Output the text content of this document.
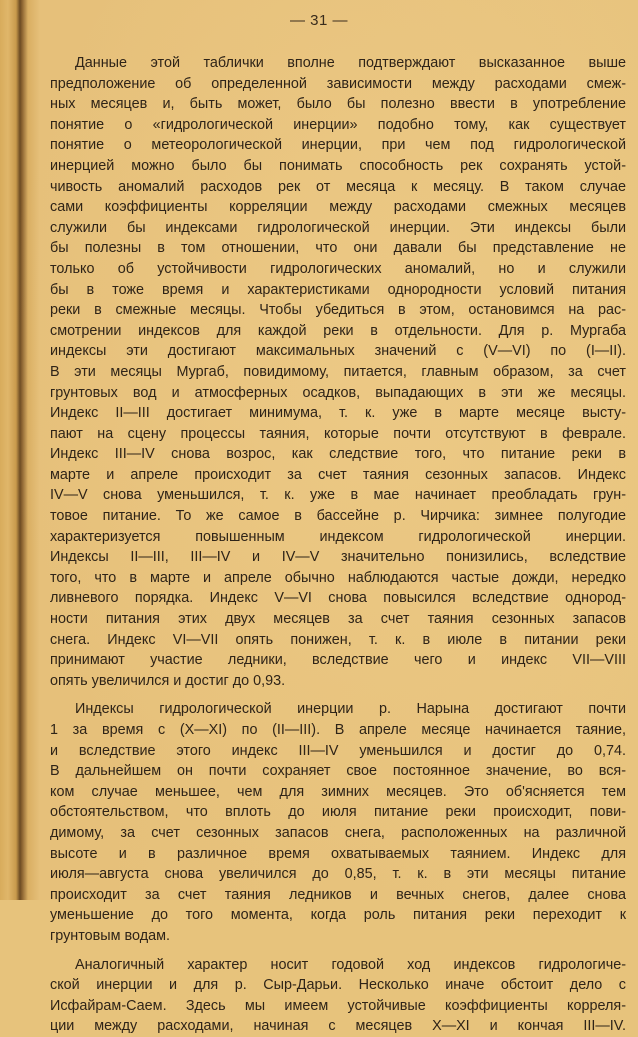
— 31 —
Данные этой таблички вполне подтверждают высказанное выше
предположение об определенной зависимости между расходами смеж-
ных месяцев и, быть может, было бы полезно ввести в употребление
понятие о «гидрологической инерции» подобно тому, как существует
понятие о метеорологической инерции, при чем под гидрологической
инерцией можно было бы понимать способность рек сохранять устой-
чивость аномалий расходов рек от месяца к месяцу. В таком случае
сами коэффициенты корреляции между расходами смежных месяцев
служили бы индексами гидрологической инерции. Эти индексы были
бы полезны в том отношении, что они давали бы представление не
только об устойчивости гидрологических аномалий, но и служили
бы в тоже время и характеристиками однородности условий питания
реки в смежные месяцы. Чтобы убедиться в этом, остановимся на рас-
смотрении индексов для каждой реки в отдельности. Для р. Мургаба
индексы эти достигают максимальных значений с (V—VI) по (I—II).
В эти месяцы Мургаб, повидимому, питается, главным образом, за счет
грунтовых вод и атмосферных осадков, выпадающих в эти же месяцы.
Индекс II—III достигает минимума, т. к. уже в марте месяце высту-
пают на сцену процессы таяния, которые почти отсутствуют в феврале.
Индекс III—IV снова возрос, как следствие того, что питание реки в
марте и апреле происходит за счет таяния сезонных запасов. Индекс
IV—V снова уменьшился, т. к. уже в мае начинает преобладать грун-
товое питание. То же самое в бассейне р. Чирчика: зимнее полугодие
характеризуется повышенным индексом гидрологической инерции.
Индексы II—III, III—IV и IV—V значительно понизились, вследствие
того, что в марте и апреле обычно наблюдаются частые дожди, нередко
ливневого порядка. Индекс V—VI снова повысился вследствие однород-
ности питания этих двух месяцев за счет таяния сезонных запасов
снега. Индекс VI—VII опять понижен, т. к. в июле в питании реки
принимают участие ледники, вследствие чего и индекс VII—VIII
опять увеличился и достиг до 0,93.
Индексы гидрологической инерции р. Нарына достигают почти
1 за время с (X—XI) по (II—III). В апреле месяце начинается таяние,
и вследствие этого индекс III—IV уменьшился и достиг до 0,74.
В дальнейшем он почти сохраняет свое постоянное значение, во вся-
ком случае меньшее, чем для зимних месяцев. Это об'ясняется тем
обстоятельством, что вплоть до июля питание реки происходит, пови-
димому, за счет сезонных запасов снега, расположенных на различной
высоте и в различное время охватываемых таянием. Индекс для
июля—августа снова увеличился до 0,85, т. к. в эти месяцы питание
происходит за счет таяния ледников и вечных снегов, далее снова
уменьшение до того момента, когда роль питания реки переходит к
грунтовым водам.
Аналогичный характер носит годовой ход индексов гидрологиче-
ской инерции и для р. Сыр-Дарьи. Несколько иначе обстоит дело с
Исфайрам-Саем. Здесь мы имеем устойчивые коэффициенты корреля-
ции между расходами, начиная с месяцев X—XI и кончая III—IV.
